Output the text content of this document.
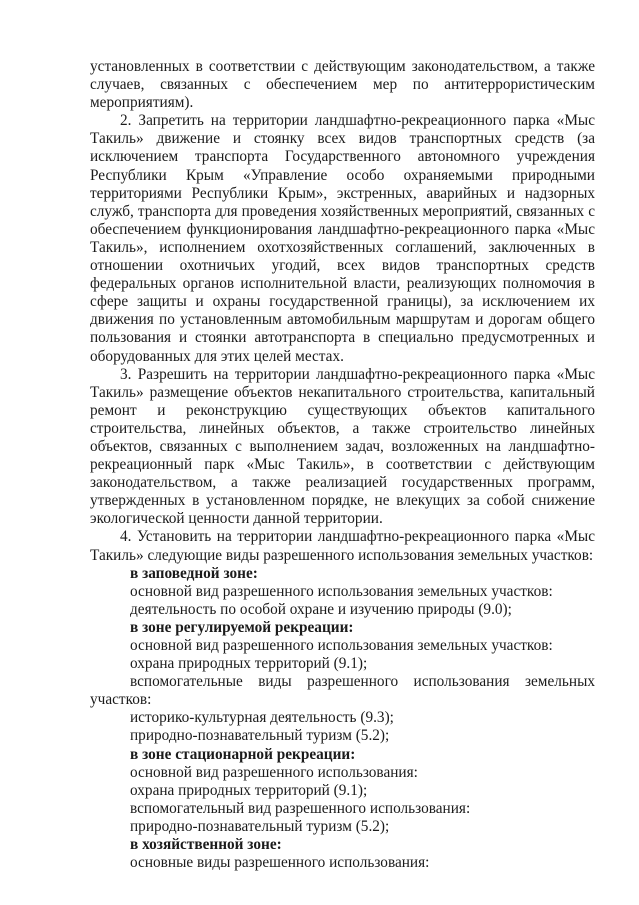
установленных в соответствии с действующим законодательством, а также случаев, связанных с обеспечением мер по антитеррористическим мероприятиям).

2. Запретить на территории ландшафтно-рекреационного парка «Мыс Такиль» движение и стоянку всех видов транспортных средств (за исключением транспорта Государственного автономного учреждения Республики Крым «Управление особо охраняемыми природными территориями Республики Крым», экстренных, аварийных и надзорных служб, транспорта для проведения хозяйственных мероприятий, связанных с обеспечением функционирования ландшафтно-рекреационного парка «Мыс Такиль», исполнением охотхозяйственных соглашений, заключенных в отношении охотничьих угодий, всех видов транспортных средств федеральных органов исполнительной власти, реализующих полномочия в сфере защиты и охраны государственной границы), за исключением их движения по установленным автомобильным маршрутам и дорогам общего пользования и стоянки автотранспорта в специально предусмотренных и оборудованных для этих целей местах.

3. Разрешить на территории ландшафтно-рекреационного парка «Мыс Такиль» размещение объектов некапитального строительства, капитальный ремонт и реконструкцию существующих объектов капитального строительства, линейных объектов, а также строительство линейных объектов, связанных с выполнением задач, возложенных на ландшафтно-рекреационный парк «Мыс Такиль», в соответствии с действующим законодательством, а также реализацией государственных программ, утвержденных в установленном порядке, не влекущих за собой снижение экологической ценности данной территории.

4. Установить на территории ландшафтно-рекреационного парка «Мыс Такиль» следующие виды разрешенного использования земельных участков:

в заповедной зоне:

основной вид разрешенного использования земельных участков:

деятельность по особой охране и изучению природы (9.0);

в зоне регулируемой рекреации:

основной вид разрешенного использования земельных участков:

охрана природных территорий (9.1);

вспомогательные виды разрешенного использования земельных участков:

историко-культурная деятельность (9.3);

природно-познавательный туризм (5.2);

в зоне стационарной рекреации:

основной вид разрешенного использования:

охрана природных территорий (9.1);

вспомогательный вид разрешенного использования:

природно-познавательный туризм (5.2);

в хозяйственной зоне:

основные виды разрешенного использования:
